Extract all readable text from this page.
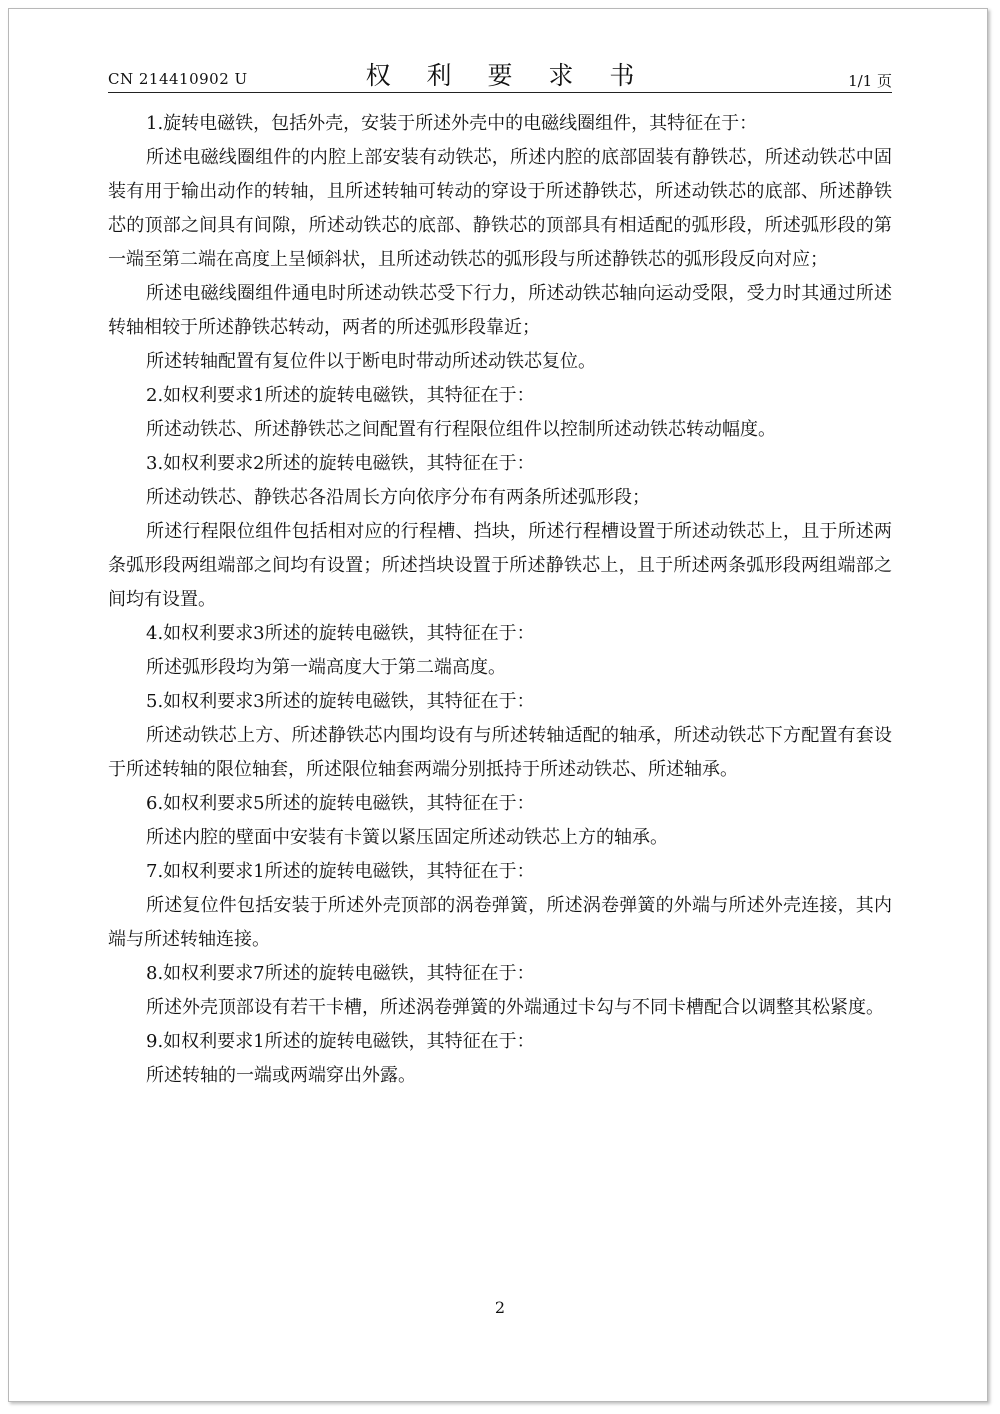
CN 214410902 U	权 利 要 求 书	1/1 页

1.旋转电磁铁，包括外壳，安装于所述外壳中的电磁线圈组件，其特征在于：

所述电磁线圈组件的内腔上部安装有动铁芯，所述内腔的底部固装有静铁芯，所述动铁芯中固装有用于输出动作的转轴，且所述转轴可转动的穿设于所述静铁芯，所述动铁芯的底部、所述静铁芯的顶部之间具有间隙，所述动铁芯的底部、静铁芯的顶部具有相适配的弧形段，所述弧形段的第一端至第二端在高度上呈倾斜状，且所述动铁芯的弧形段与所述静铁芯的弧形段反向对应；

所述电磁线圈组件通电时所述动铁芯受下行力，所述动铁芯轴向运动受限，受力时其通过所述转轴相较于所述静铁芯转动，两者的所述弧形段靠近；

所述转轴配置有复位件以于断电时带动所述动铁芯复位。

2.如权利要求1所述的旋转电磁铁，其特征在于：

所述动铁芯、所述静铁芯之间配置有行程限位组件以控制所述动铁芯转动幅度。

3.如权利要求2所述的旋转电磁铁，其特征在于：

所述动铁芯、静铁芯各沿周长方向依序分布有两条所述弧形段；

所述行程限位组件包括相对应的行程槽、挡块，所述行程槽设置于所述动铁芯上，且于所述两条弧形段两组端部之间均有设置；所述挡块设置于所述静铁芯上，且于所述两条弧形段两组端部之间均有设置。

4.如权利要求3所述的旋转电磁铁，其特征在于：

所述弧形段均为第一端高度大于第二端高度。

5.如权利要求3所述的旋转电磁铁，其特征在于：

所述动铁芯上方、所述静铁芯内围均设有与所述转轴适配的轴承，所述动铁芯下方配置有套设于所述转轴的限位轴套，所述限位轴套两端分别抵持于所述动铁芯、所述轴承。

6.如权利要求5所述的旋转电磁铁，其特征在于：

所述内腔的壁面中安装有卡簧以紧压固定所述动铁芯上方的轴承。

7.如权利要求1所述的旋转电磁铁，其特征在于：

所述复位件包括安装于所述外壳顶部的涡卷弹簧，所述涡卷弹簧的外端与所述外壳连接，其内端与所述转轴连接。

8.如权利要求7所述的旋转电磁铁，其特征在于：

所述外壳顶部设有若干卡槽，所述涡卷弹簧的外端通过卡勾与不同卡槽配合以调整其松紧度。

9.如权利要求1所述的旋转电磁铁，其特征在于：

所述转轴的一端或两端穿出外露。

2
